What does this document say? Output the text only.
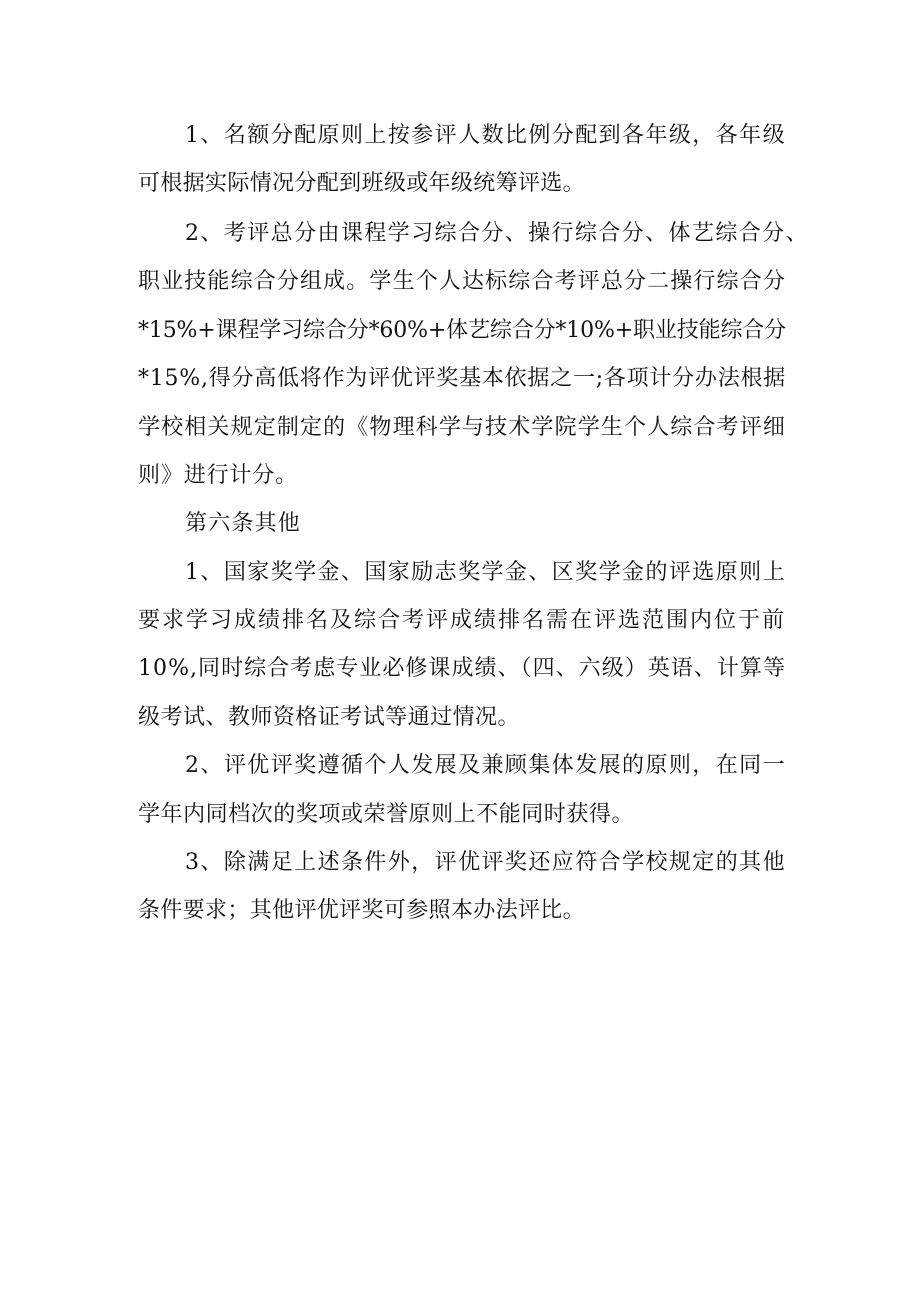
1、名额分配原则上按参评人数比例分配到各年级，各年级
可根据实际情况分配到班级或年级统筹评选。
2、考评总分由课程学习综合分、操行综合分、体艺综合分、
职业技能综合分组成。学生个人达标综合考评总分二操行综合分
*15%+课程学习综合分*60%+体艺综合分*10%+职业技能综合分
*15%,得分高低将作为评优评奖基本依据之一;各项计分办法根据
学校相关规定制定的《物理科学与技术学院学生个人综合考评细
则》进行计分。
第六条其他
1、国家奖学金、国家励志奖学金、区奖学金的评选原则上
要求学习成绩排名及综合考评成绩排名需在评选范围内位于前
10%,同时综合考虑专业必修课成绩、（四、六级）英语、计算等
级考试、教师资格证考试等通过情况。
2、评优评奖遵循个人发展及兼顾集体发展的原则，在同一
学年内同档次的奖项或荣誉原则上不能同时获得。
3、除满足上述条件外，评优评奖还应符合学校规定的其他
条件要求；其他评优评奖可参照本办法评比。
